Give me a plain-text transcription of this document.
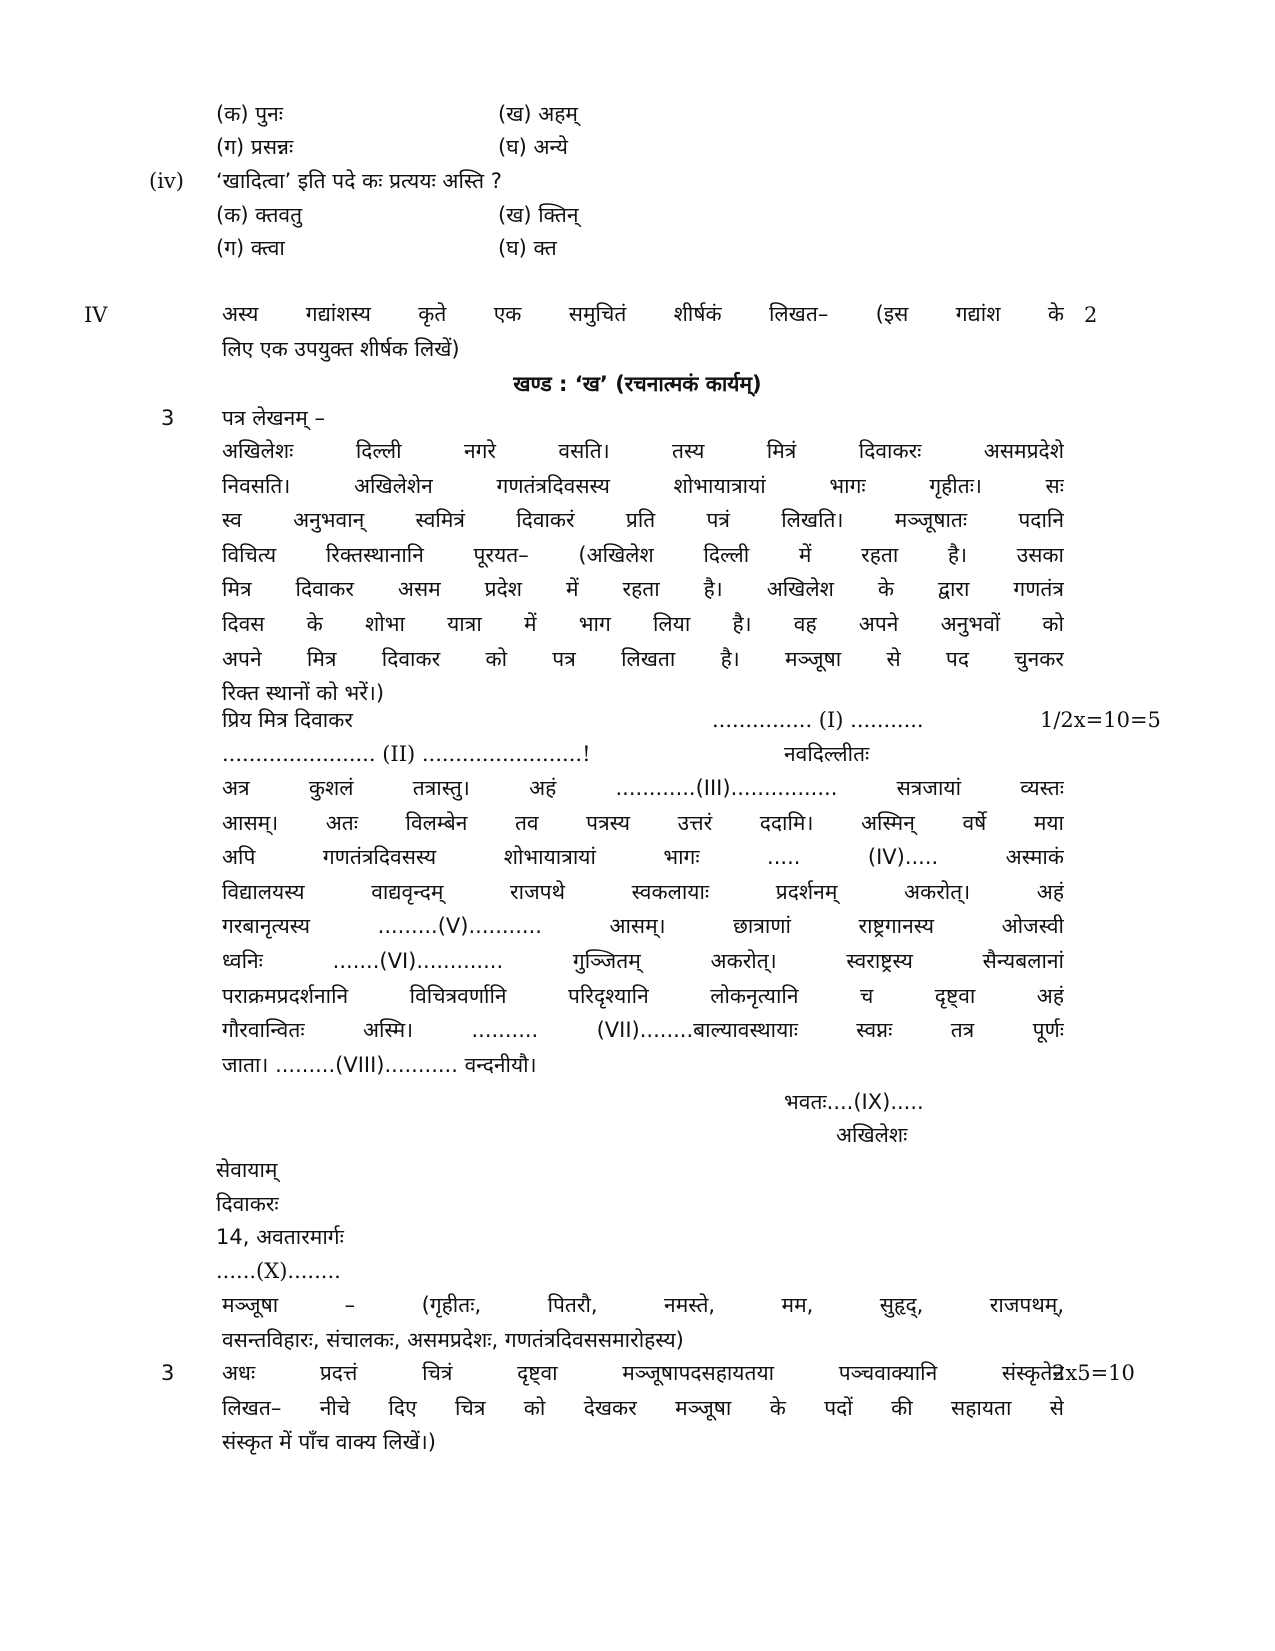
(क) पुनः	(ख) अहम्
(ग) प्रसन्नः	(घ) अन्ये
(iv) ‘खादित्वा’ इति पदे कः प्रत्ययः अस्ति ?
(क) क्तवतु	(ख) क्तिन्
(ग) क्त्वा	(घ) क्त
IV	अस्य गद्यांशस्य कृते एक समुचितं शीर्षकं लिखत– (इस गद्यांश के
लिए एक उपयुक्त शीर्षक लिखें)
2
खण्ड : ‘ख’ (रचनात्मकं कार्यम्)
3 पत्र लेखनम् –
अखिलेशः दिल्ली नगरे वसति। तस्य मित्रं दिवाकरः असमप्रदेशे
निवसति। अखिलेशेन गणतंत्रदिवसस्य शोभायात्रायां भागः गृहीतः। सः
स्व अनुभवान् स्वमित्रं दिवाकरं प्रति पत्रं लिखति। मञ्जूषातः पदानि
विचित्य रिक्तस्थानानि पूरयत– (अखिलेश दिल्ली में रहता है। उसका
मित्र दिवाकर असम प्रदेश में रहता है। अखिलेश के द्वारा गणतंत्र
दिवस के शोभा यात्रा में भाग लिया है। वह अपने अनुभवों को
अपने मित्र दिवाकर को पत्र लिखता है। मञ्जूषा से पद चुनकर
रिक्त स्थानों को भरें।)
प्रिय मित्र दिवाकर	............... (I) ...........	1/2x=10=5
....................... (II) ........................!	नवदिल्लीतः
अत्र कुशलं तत्रास्तु। अहं ............(III)................ सत्रजायां व्यस्तः
आसम्। अतः विलम्बेन तव पत्रस्य उत्तरं ददामि। अस्मिन् वर्षे मया
अपि गणतंत्रदिवसस्य शोभायात्रायां भागः ..... (IV)..... अस्माकं
विद्यालयस्य वाद्यवृन्दम् राजपथे स्वकलायाः प्रदर्शनम् अकरोत्। अहं
गरबानृत्यस्य .........(V)........... आसम्। छात्राणां राष्ट्रगानस्य ओजस्वी
ध्वनिः .......(VI)............. गुञ्जितम् अकरोत्। स्वराष्ट्रस्य सैन्यबलानां
पराक्रमप्रदर्शनानि विचित्रवर्णानि परिदृश्यानि लोकनृत्यानि च दृष्ट्वा अहं
गौरवान्वितः अस्मि। .......... (VII)........बाल्यावस्थायाः स्वप्नः तत्र पूर्णः
जाता। .........(VIII)........... वन्दनीयौ।
भवतः....(IX).....
अखिलेशः
सेवायाम्
दिवाकरः
14, अवतारमार्गः
......(X)........
मञ्जूषा – (गृहीतः, पितरौ, नमस्ते, मम, सुहृद्, राजपथम्,
वसन्तविहारः, संचालकः, असमप्रदेशः, गणतंत्रदिवससमारोहस्य)
3 अधः प्रदत्तं चित्रं दृष्ट्वा मञ्जूषापदसहायतया पञ्चवाक्यानि संस्कृतेन
लिखत– नीचे दिए चित्र को देखकर मञ्जूषा के पदों की सहायता से
संस्कृत में पाँच वाक्य लिखें।)
2x5=10
